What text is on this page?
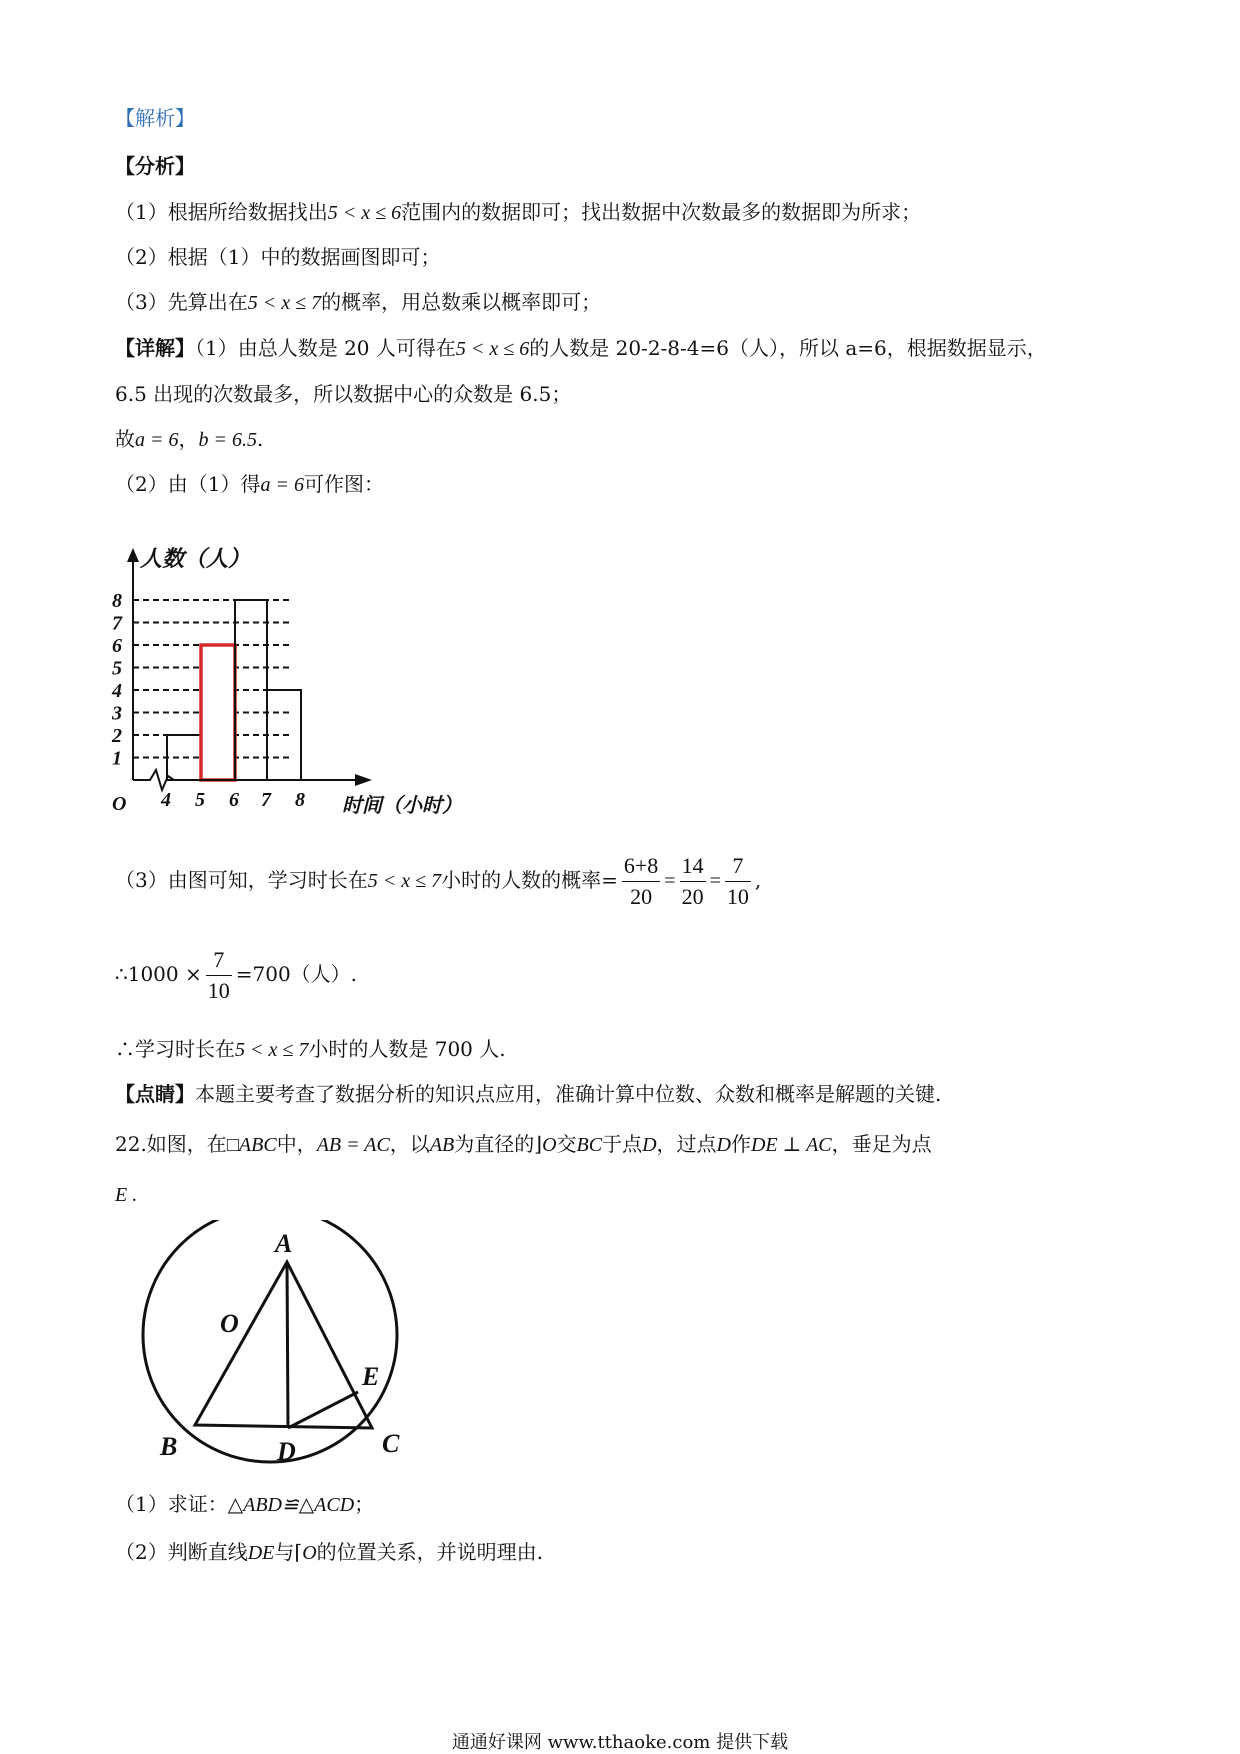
【解析】
【分析】
（1）根据所给数据找出5 < x ≤ 6范围内的数据即可；找出数据中次数最多的数据即为所求；
（2）根据（1）中的数据画图即可；
（3）先算出在5 < x ≤ 7的概率，用总数乘以概率即可；
【详解】（1）由总人数是 20 人可得在5 < x ≤ 6的人数是 20-2-8-4=6（人），所以 a=6，根据数据显示，
6.5 出现的次数最多，所以数据中心的众数是 6.5；
故a = 6，b = 6.5.
（2）由（1）得a = 6可作图：
1
2
3
4
5
6
7
8
4 5 6 7 8
人数（人）
时间（小时）
O
（3）由图可知，学习时长在5 < x ≤ 7小时的人数的概率= $\frac{6+8}{20} = \frac{14}{20} = \frac{7}{10}$ ,
∴1000 × $\frac{7}{10} =700$（人）.
∴学习时长在5 < x ≤ 7小时的人数是 700 人.
【点睛】本题主要考查了数据分析的知识点应用，准确计算中位数、众数和概率是解题的关键.
22.如图，在□ABC中，AB = AC，以AB为直径的⌋O交BC于点D，过点D作DE ⊥ AC，垂足为点
E .
A
O
E
B	D	C
（1）求证：△ABD≌△ACD；
（2）判断直线DE与⌈O的位置关系，并说明理由.
通通好课网 www.tthaoke.com 提供下载
